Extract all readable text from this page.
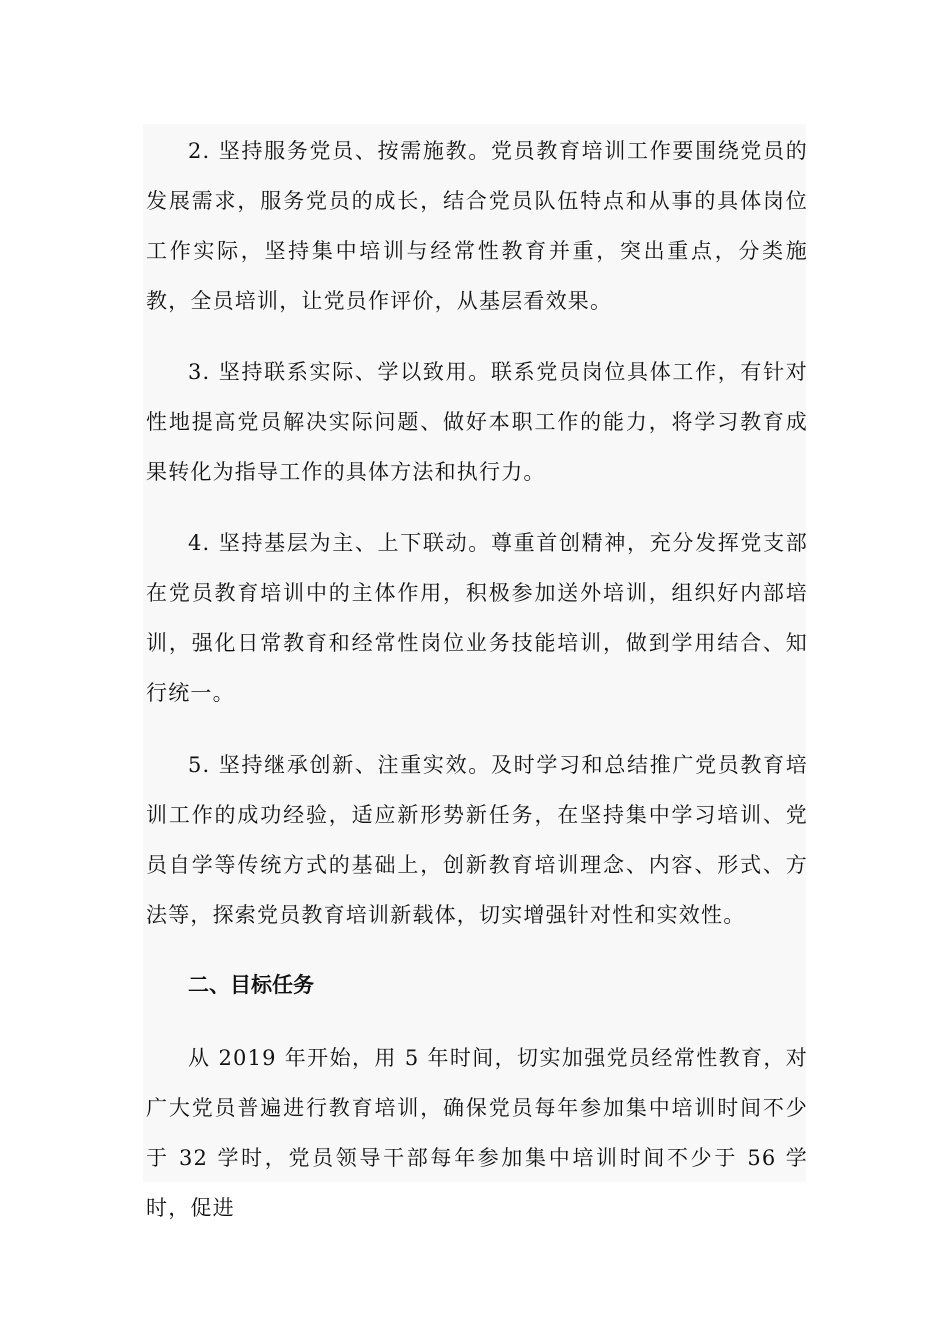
2. 坚持服务党员、按需施教。党员教育培训工作要围绕党员的发展需求，服务党员的成长，结合党员队伍特点和从事的具体岗位工作实际，坚持集中培训与经常性教育并重，突出重点，分类施教，全员培训，让党员作评价，从基层看效果。

3. 坚持联系实际、学以致用。联系党员岗位具体工作，有针对性地提高党员解决实际问题、做好本职工作的能力，将学习教育成果转化为指导工作的具体方法和执行力。

4. 坚持基层为主、上下联动。尊重首创精神，充分发挥党支部在党员教育培训中的主体作用，积极参加送外培训，组织好内部培训，强化日常教育和经常性岗位业务技能培训，做到学用结合、知行统一。

5. 坚持继承创新、注重实效。及时学习和总结推广党员教育培训工作的成功经验，适应新形势新任务，在坚持集中学习培训、党员自学等传统方式的基础上，创新教育培训理念、内容、形式、方法等，探索党员教育培训新载体，切实增强针对性和实效性。

二、目标任务

从 2019 年开始，用 5 年时间，切实加强党员经常性教育，对广大党员普遍进行教育培训，确保党员每年参加集中培训时间不少于 32 学时，党员领导干部每年参加集中培训时间不少于 56 学时，促进
